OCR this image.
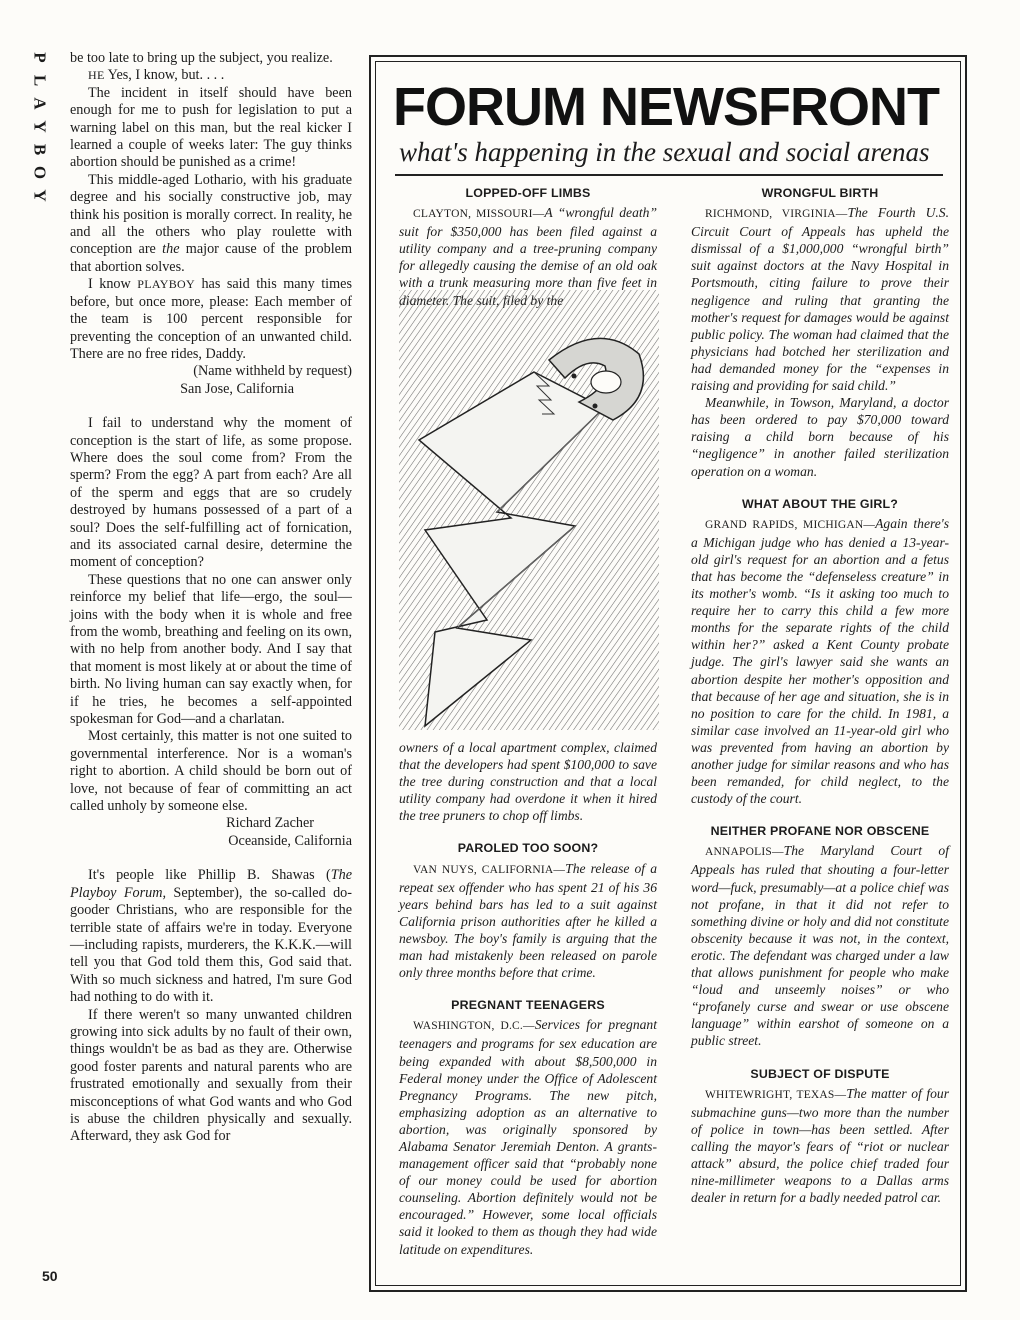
P
L
A
Y
B
O
Y

be too late to bring up the subject, you realize.

HE Yes, I know, but. . . .

The incident in itself should have been enough for me to push for legislation to put a warning label on this man, but the real kicker I learned a couple of weeks later: The guy thinks abortion should be punished as a crime!

This middle-aged Lothario, with his graduate degree and his socially constructive job, may think his position is morally correct. In reality, he and all the others who play roulette with conception are the major cause of the problem that abortion solves.

I know PLAYBOY has said this many times before, but once more, please: Each member of the team is 100 percent responsible for preventing the conception of an unwanted child. There are no free rides, Daddy.

(Name withheld by request)

San Jose, California

I fail to understand why the moment of conception is the start of life, as some propose. Where does the soul come from? From the sperm? From the egg? A part from each? Are all of the sperm and eggs that are so crudely destroyed by humans possessed of a part of a soul? Does the self-fulfilling act of fornication, and its associated carnal desire, determine the moment of conception?

These questions that no one can answer only reinforce my belief that life—ergo, the soul—joins with the body when it is whole and free from the womb, breathing and feeling on its own, with no help from another body. And I say that that moment is most likely at or about the time of birth. No living human can say exactly when, for if he tries, he becomes a self-appointed spokesman for God—and a charlatan.

Most certainly, this matter is not one suited to governmental interference. Nor is a woman's right to abortion. A child should be born out of love, not because of fear of committing an act called unholy by someone else.

Richard Zacher

Oceanside, California

It's people like Phillip B. Shawas (The Playboy Forum, September), the so-called do-gooder Christians, who are responsible for the terrible state of affairs we're in today. Everyone—including rapists, murderers, the K.K.K.—will tell you that God told them this, God said that. With so much sickness and hatred, I'm sure God had nothing to do with it.

If there weren't so many unwanted children growing into sick adults by no fault of their own, things wouldn't be as bad as they are. Otherwise good foster parents and natural parents who are frustrated emotionally and sexually from their misconceptions of what God wants and who God is abuse the children physically and sexually. Afterward, they ask God for

50
FORUM NEWSFRONT
what's happening in the sexual and social arenas
LOPPED-OFF LIMBS

CLAYTON, MISSOURI—A “wrongful death” suit for $350,000 has been filed against a utility company and a tree-pruning company for allegedly causing the demise of an old oak with a trunk measuring more than five feet in

owners of a local apartment complex, claimed that the developers had spent $100,000 to save the tree during construction and that a local utility company had overdone it when it hired the tree pruners to chop off limbs.

PAROLED TOO SOON?

VAN NUYS, CALIFORNIA—The release of a repeat sex offender who has spent 21 of his 36 years behind bars has led to a suit against California prison authorities after he killed a newsboy. The boy's family is arguing that the man had mistakenly been released on parole only three months before that crime.

PREGNANT TEENAGERS

WASHINGTON, D.C.—Services for pregnant teenagers and programs for sex education are being expanded with about $8,500,000 in Federal money under the Office of Adolescent Pregnancy Programs. The new pitch, emphasizing adoption as an alternative to abortion, was originally sponsored by Alabama Senator Jeremiah Denton. A grants-management officer said that “probably none of our money could be used for abortion counseling. Abortion definitely would not be encouraged.” However, some local officials said it looked to them as though they had wide latitude on expenditures.

WRONGFUL BIRTH

RICHMOND, VIRGINIA—The Fourth U.S. Circuit Court of Appeals has upheld the dismissal of a $1,000,000 “wrongful birth” suit against doctors at the Navy Hospital in Portsmouth, citing failure to prove their negligence and ruling that granting the mother's request for damages would be against public policy. The woman had claimed that the physicians had botched her sterilization and had demanded money for the “expenses in raising and providing for said child.”

Meanwhile, in Towson, Maryland, a doctor has been ordered to pay $70,000 toward raising a child born because of his “negligence” in another failed sterilization operation on a woman.

WHAT ABOUT THE GIRL?

GRAND RAPIDS, MICHIGAN—Again there's a Michigan judge who has denied a 13-year-old girl's request for an abortion and a fetus that has become the “defenseless creature” in its mother's womb. “Is it asking too much to require her to carry this child a few more months for the separate rights of the child within her?” asked a Kent County probate judge. The girl's lawyer said she wants an abortion despite her mother's opposition and that because of her age and situation, she is in no position to care for the child. In 1981, a similar case involved an 11-year-old girl who was prevented from having an abortion by another judge for similar reasons and who has been remanded, for child neglect, to the custody of the court.

NEITHER PROFANE NOR OBSCENE

ANNAPOLIS—The Maryland Court of Appeals has ruled that shouting a four-letter word—fuck, presumably—at a police chief was not profane, in that it did not refer to something divine or holy and did not constitute obscenity because it was not, in the context, erotic. The defendant was charged under a law that allows punishment for people who make “loud and unseemly noises” or who “profanely curse and swear or use obscene language” within earshot of someone on a public street.

SUBJECT OF DISPUTE

WHITEWRIGHT, TEXAS—The matter of four submachine guns—two more than the number of police in town—has been settled. After calling the mayor's fears of “riot or nuclear attack” absurd, the police chief traded four nine-millimeter weapons to a Dallas arms dealer in return for a badly needed patrol car.
